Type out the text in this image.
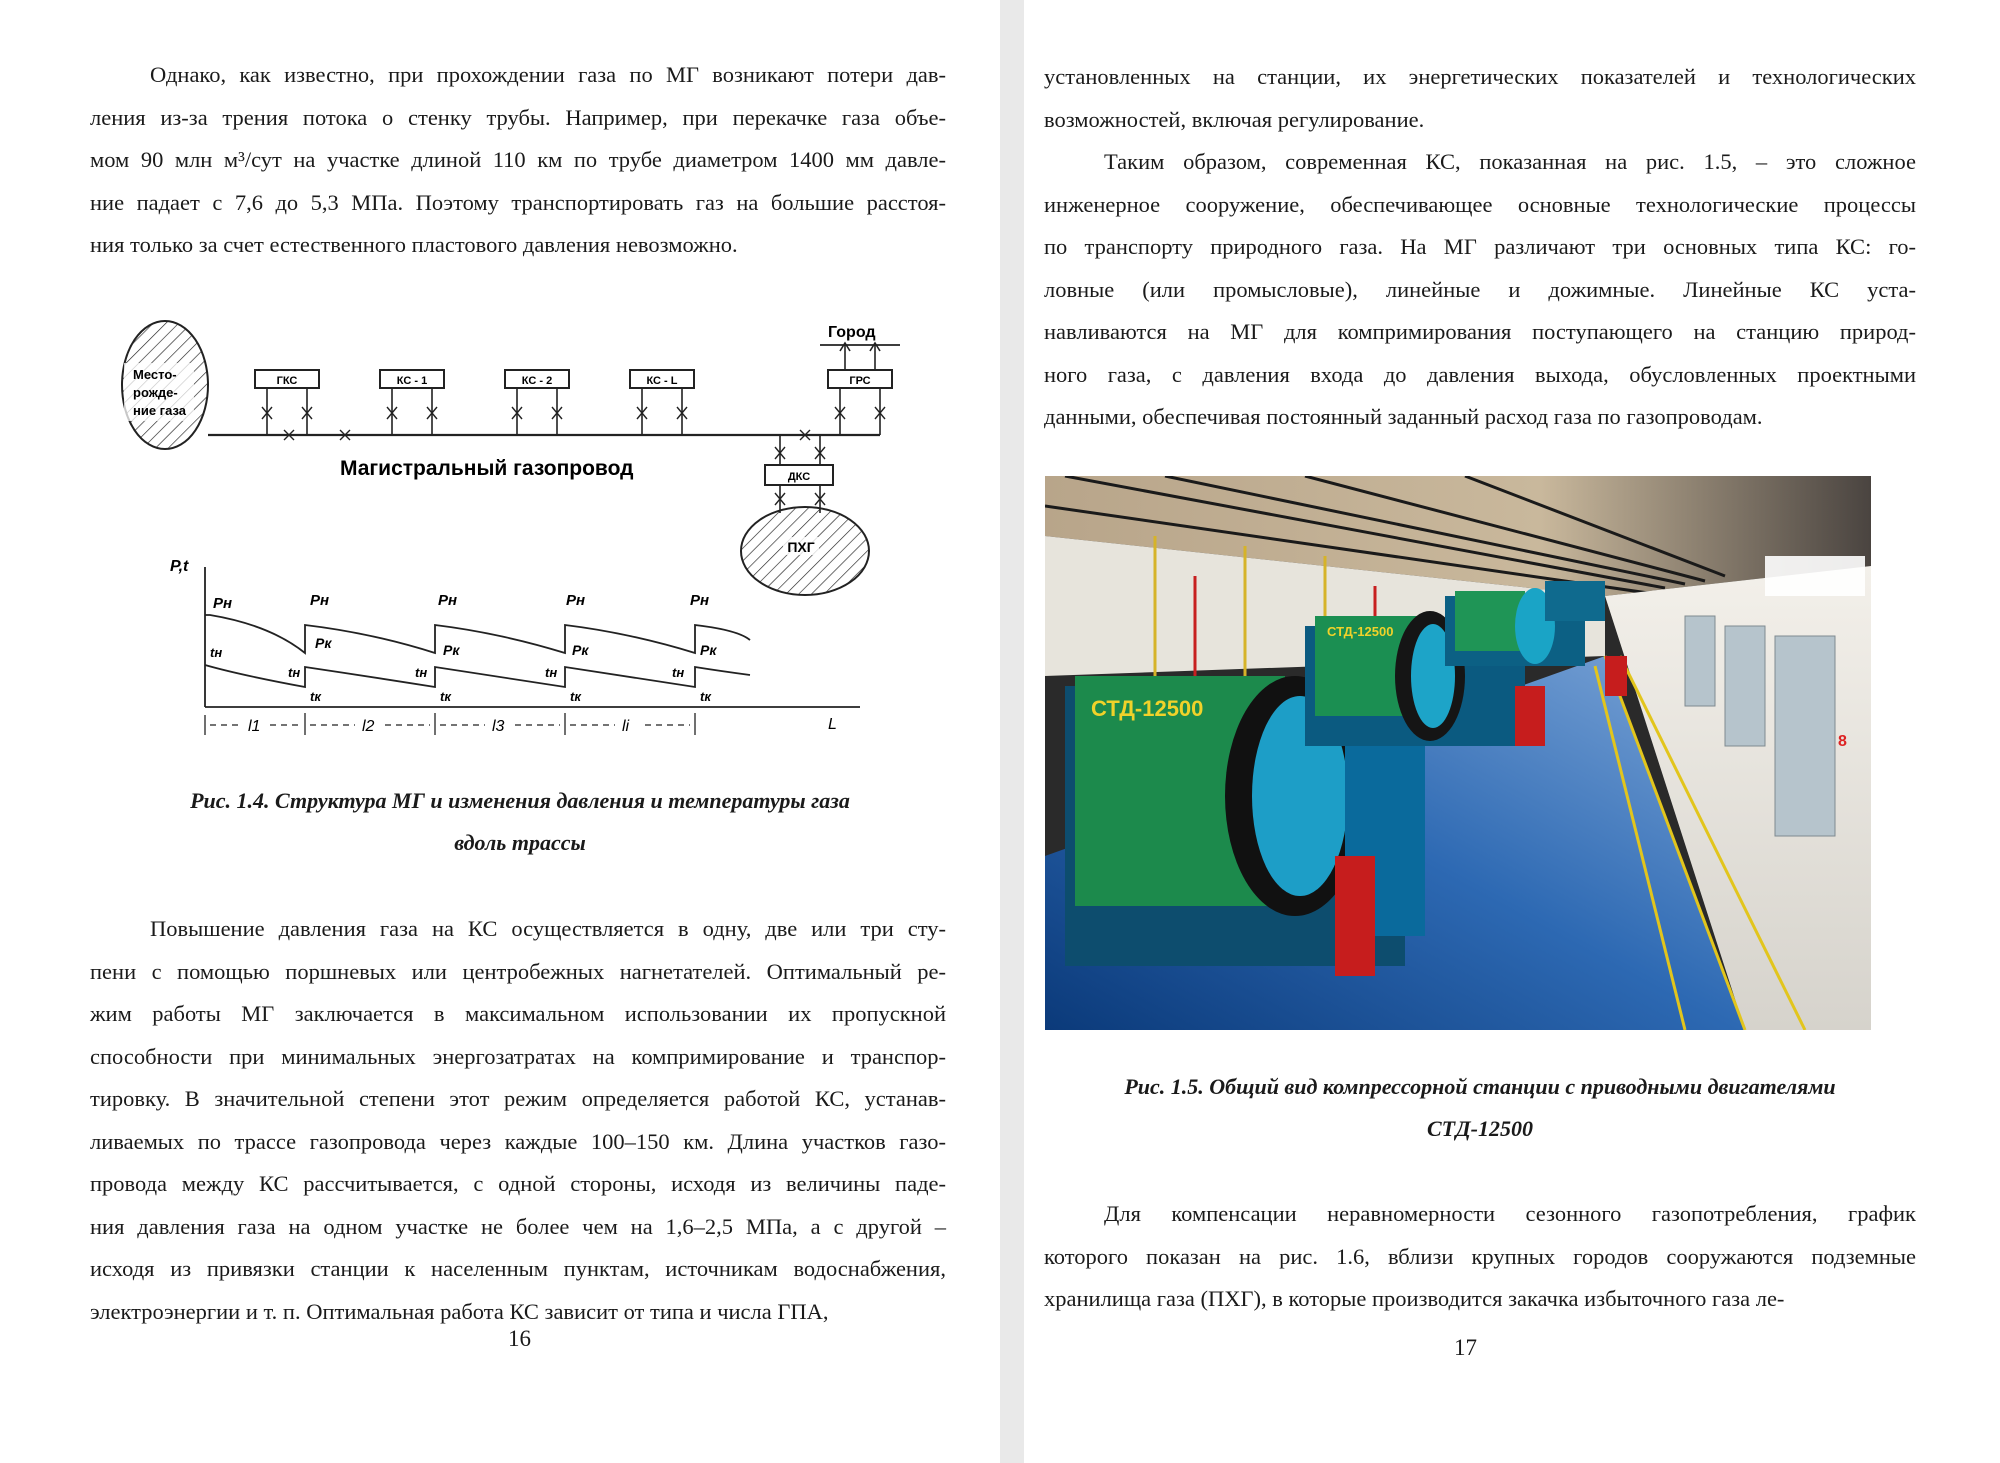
Однако, как известно, при прохождении газа по МГ возникают потери дав-
ления из-за трения потока о стенку трубы. Например, при перекачке газа объе-
мом 90 млн м³/сут на участке длиной 110 км по трубе диаметром 1400 мм давле-
ние падает с 7,6 до 5,3 МПа. Поэтому транспортировать газ на большие расстоя-
ния только за счет естественного пластового давления невозможно.
Место-
рожде-
ние газа
ГКС	КС - 1	КС - 2	КС - L	ГРС
Город
Магистральный газопровод	ДКС
ПХГ
P,t
L
Pн	Pн	Pн	Pн	Pн
Pк	Pк	Pк	Pк
tн
tн	tн	tн	tн
tк	tк	tк	tк
l1	l2	l3	li
Рис. 1.4. Структура МГ и изменения давления и температуры газа
вдоль трассы
Повышение давления газа на КС осуществляется в одну, две или три сту-
пени с помощью поршневых или центробежных нагнетателей. Оптимальный ре-
жим работы МГ заключается в максимальном использовании их пропускной
способности при минимальных энергозатратах на компримирование и транспор-
тировку. В значительной степени этот режим определяется работой КС, устанав-
ливаемых по трассе газопровода через каждые 100–150 км. Длина участков газо-
провода между КС рассчитывается, с одной стороны, исходя из величины паде-
ния давления газа на одном участке не более чем на 1,6–2,5 МПа, а с другой –
исходя из привязки станции к населенным пунктам, источникам водоснабжения,
электроэнергии и т. п. Оптимальная работа КС зависит от типа и числа ГПА,
16
установленных на станции, их энергетических показателей и технологических
возможностей, включая регулирование.
Таким образом, современная КС, показанная на рис. 1.5, – это сложное
инженерное сооружение, обеспечивающее основные технологические процессы
по транспорту природного газа. На МГ различают три основных типа КС: го-
ловные (или промысловые), линейные и дожимные. Линейные КС уста-
навливаются на МГ для компримирования поступающего на станцию природ-
ного газа, с давления входа до давления выхода, обусловленных проектными
данными, обеспечивая постоянный заданный расход газа по газопроводам.
СТД-12500
СТД-12500
8
Рис. 1.5. Общий вид компрессорной станции с приводными двигателями
СТД-12500
Для компенсации неравномерности сезонного газопотребления, график
которого показан на рис. 1.6, вблизи крупных городов сооружаются подземные
хранилища газа (ПХГ), в которые производится закачка избыточного газа ле-
17
